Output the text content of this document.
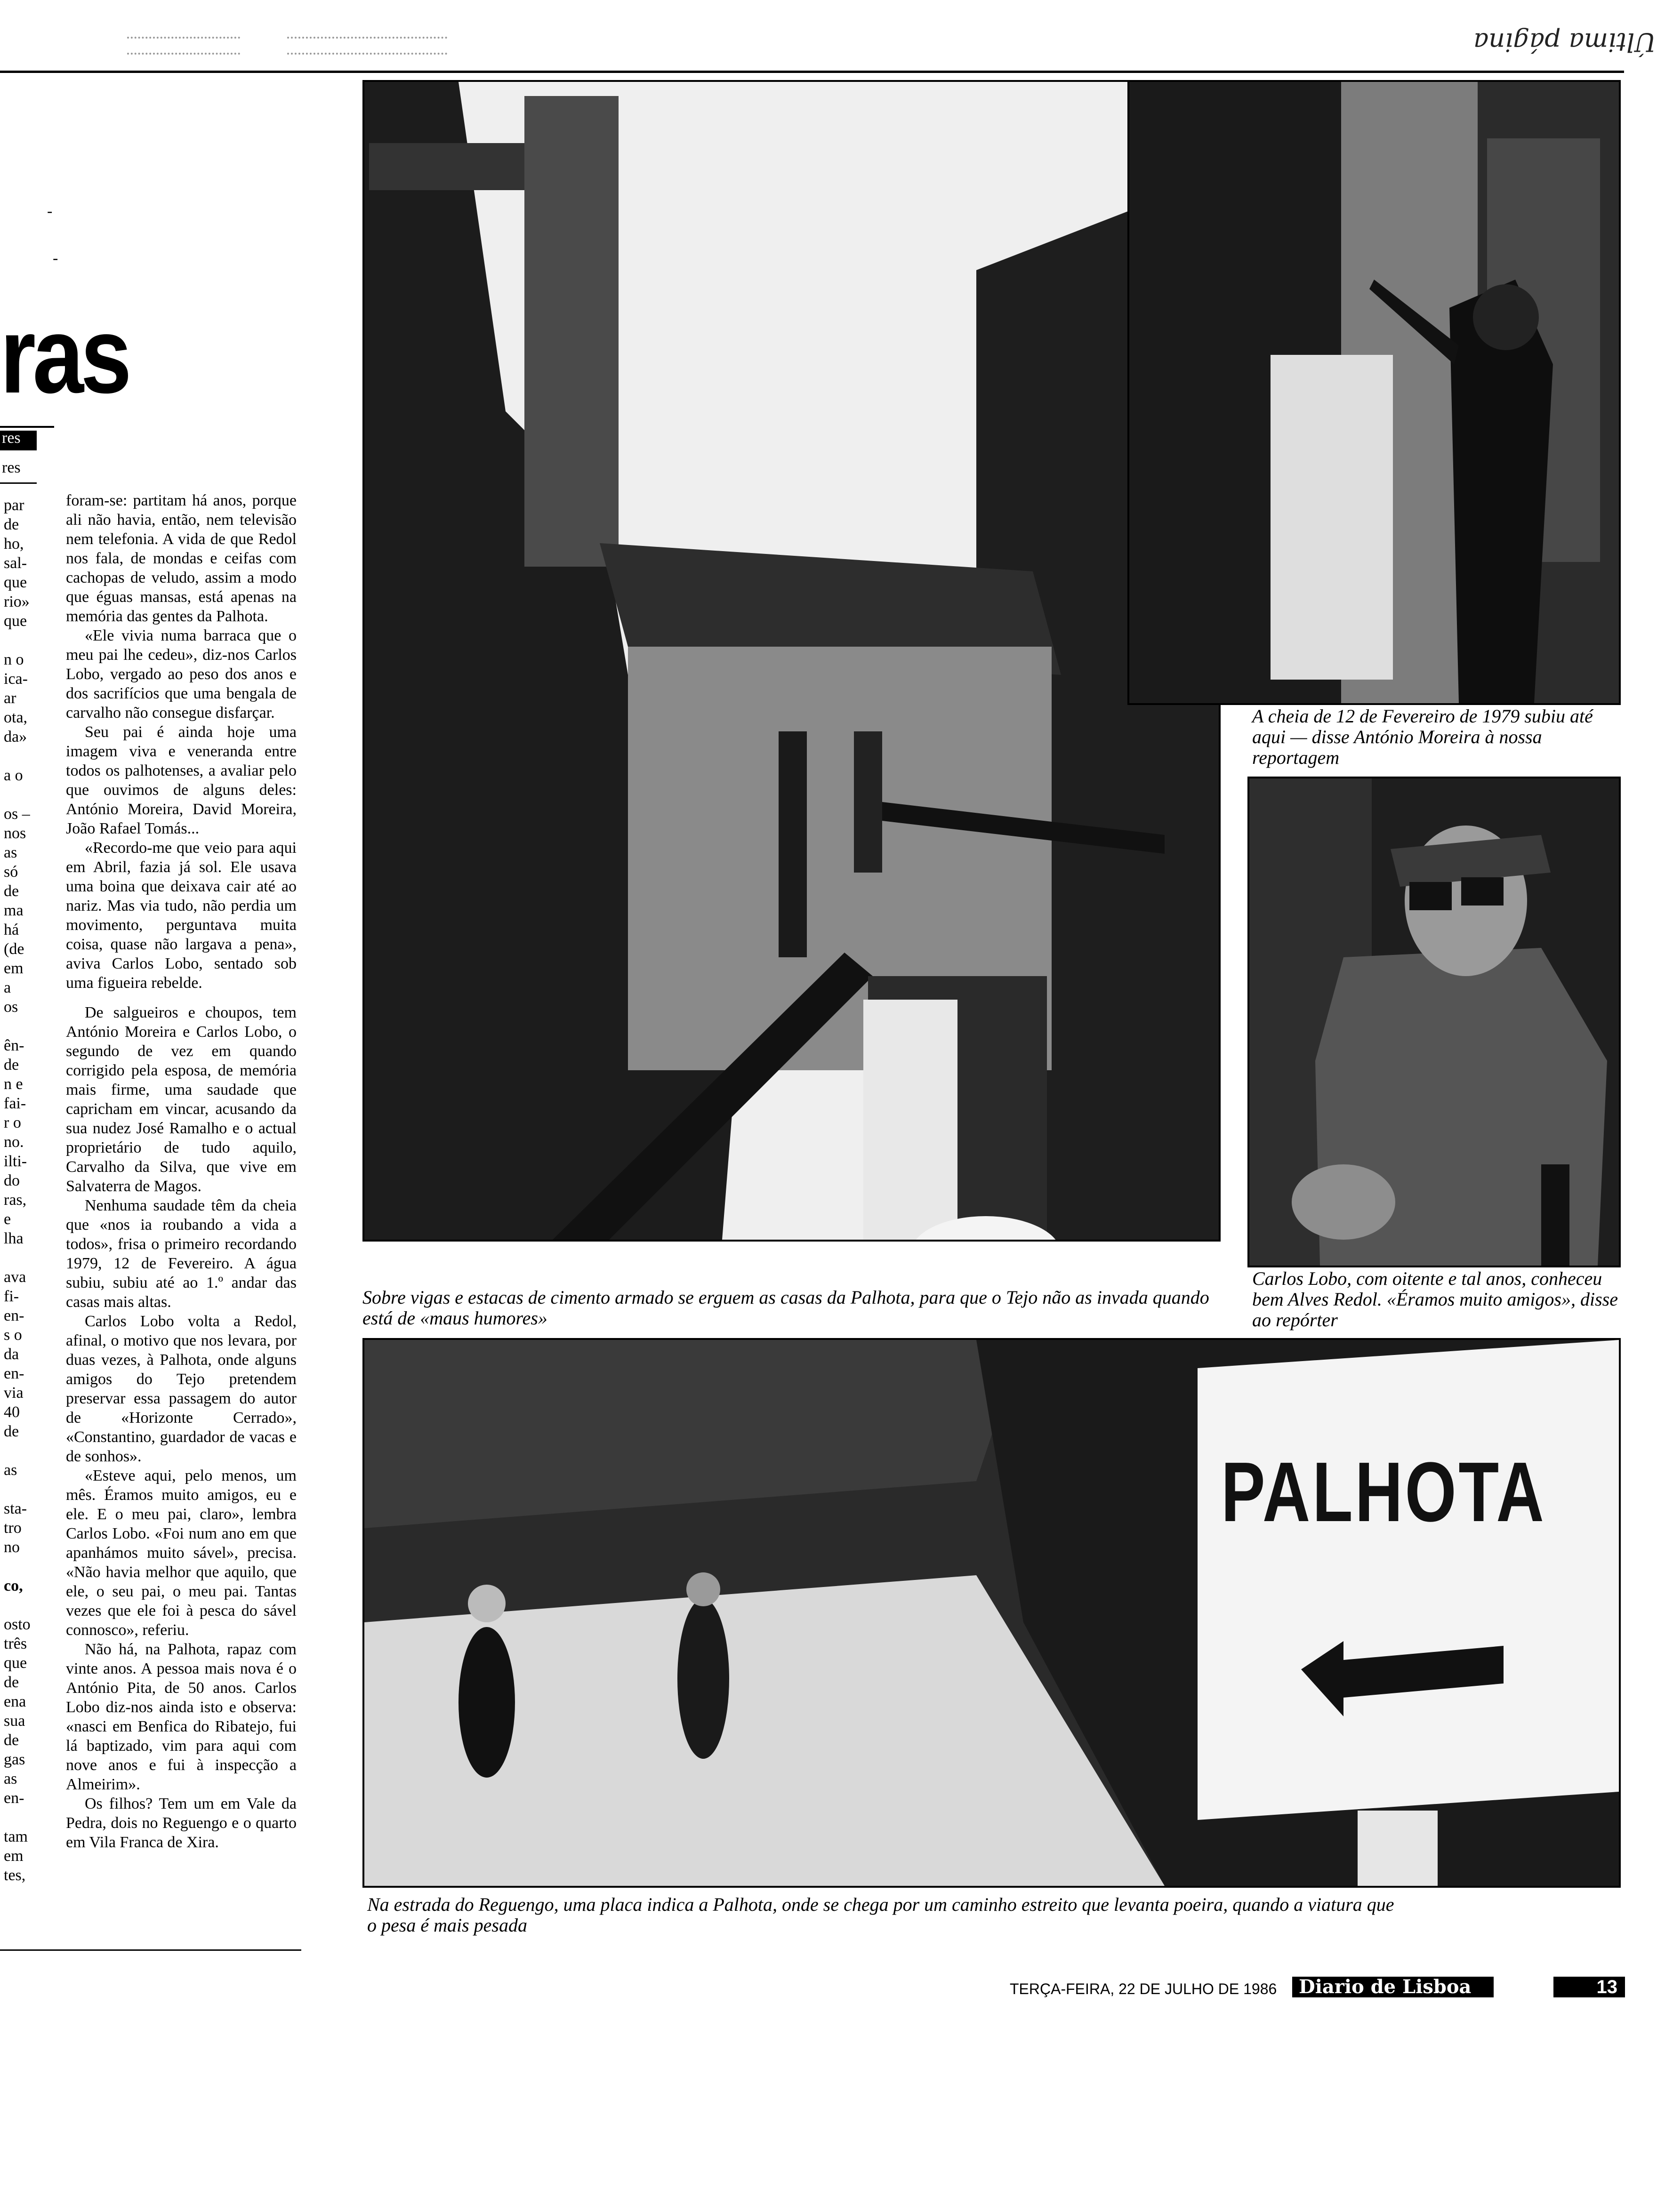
Última página
-
-
ras
res
res
par
de
ho,
sal-
que
rio»
que
n o
ica-
ar
ota,
da»
a o
os –
nos
as
só
de
ma
há
(de
em
a
os
ên-
de
n e
fai-
r o
no.
ilti-
do
ras,
e
lha
ava
fi-
en-
s o
da
en-
via
40
de
as
sta-
tro
no
co,
osto
três
que
de
ena
sua
de
gas
as
en-
tam
em
tes,

foram-se: partitam há anos, porque ali não havia, então, nem televisão nem telefonia. A vida de que Redol nos fala, de mondas e ceifas com cachopas de veludo, assim a modo que éguas mansas, está apenas na memória das gentes da Palhota.

«Ele vivia numa barraca que o meu pai lhe cedeu», diz-nos Carlos Lobo, vergado ao peso dos anos e dos sacrifícios que uma bengala de carvalho não consegue disfarçar.

Seu pai é ainda hoje uma imagem viva e veneranda entre todos os palhotenses, a avaliar pelo que ouvimos de alguns deles: António Moreira, David Moreira, João Rafael Tomás...

«Recordo-me que veio para aqui em Abril, fazia já sol. Ele usava uma boina que deixava cair até ao nariz. Mas via tudo, não perdia um movimento, perguntava muita coisa, quase não largava a pena», aviva Carlos Lobo, sentado sob uma figueira rebelde.

De salgueiros e choupos, tem António Moreira e Carlos Lobo, o segundo de vez em quando corrigido pela esposa, de memória mais firme, uma saudade que capricham em vincar, acusando da sua nudez José Ramalho e o actual proprietário de tudo aquilo, Carvalho da Silva, que vive em Salvaterra de Magos.

Nenhuma saudade têm da cheia que «nos ia roubando a vida a todos», frisa o primeiro recordando 1979, 12 de Fevereiro. A água subiu, subiu até ao 1.º andar das casas mais altas.

Carlos Lobo volta a Redol, afinal, o motivo que nos levara, por duas vezes, à Palhota, onde alguns amigos do Tejo pretendem preservar essa passagem do autor de «Horizonte Cerrado», «Constantino, guardador de vacas e de sonhos».

«Esteve aqui, pelo menos, um mês. Éramos muito amigos, eu e ele. E o meu pai, claro», lembra Carlos Lobo. «Foi num ano em que apanhámos muito sável», precisa. «Não havia melhor que aquilo, que ele, o seu pai, o meu pai. Tantas vezes que ele foi à pesca do sável connosco», referiu.

Não há, na Palhota, rapaz com vinte anos. A pessoa mais nova é o António Pita, de 50 anos. Carlos Lobo diz-nos ainda isto e observa: «nasci em Benfica do Ribatejo, fui lá baptizado, vim para aqui com nove anos e fui à inspecção a Almeirim».

Os filhos? Tem um em Vale da Pedra, dois no Reguengo e o quarto em Vila Franca de Xira.

Sobre vigas e estacas de cimento armado se erguem as casas da Palhota, para que o Tejo não as invada quando está de «maus humores»
A cheia de 12 de Fevereiro de 1979 subiu até aqui — disse António Moreira à nossa reportagem
Carlos Lobo, com oitente e tal anos, conheceu bem Alves Redol. «Éramos muito amigos», disse ao repórter
PALHOTA
Na estrada do Reguengo, uma placa indica a Palhota, onde se chega por um caminho estreito que levanta poeira, quando a viatura que o pesa é mais pesada
TERÇA-FEIRA, 22 DE JULHO DE 1986	Diario de Lisboa	13
